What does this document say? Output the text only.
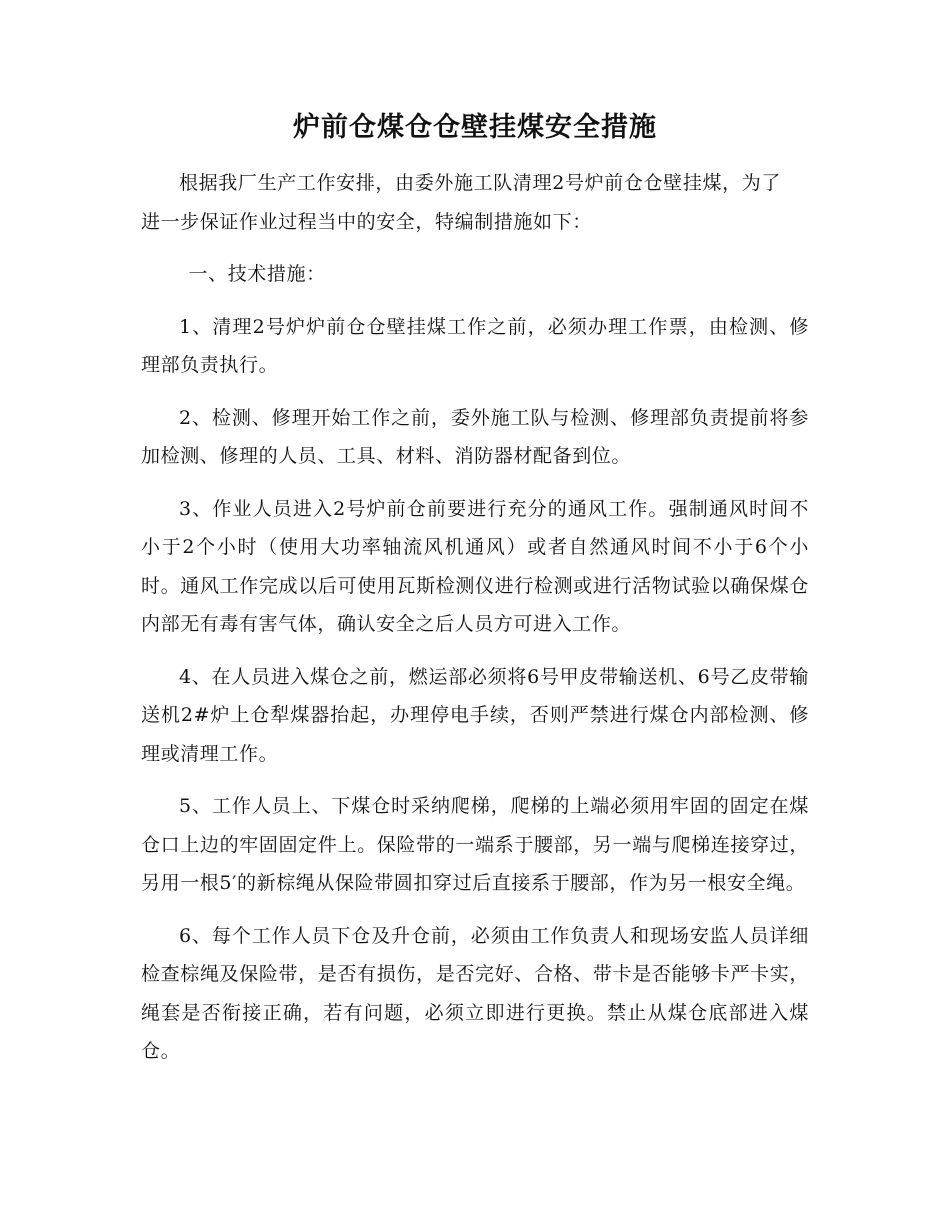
炉前仓煤仓仓壁挂煤安全措施

根据我厂生产工作安排，由委外施工队清理2号炉前仓仓壁挂煤，为了进一步保证作业过程当中的安全，特编制措施如下：

一、技术措施：

1、清理2号炉炉前仓仓壁挂煤工作之前，必须办理工作票，由检测、修理部负责执行。

2、检测、修理开始工作之前，委外施工队与检测、修理部负责提前将参加检测、修理的人员、工具、材料、消防器材配备到位。

3、作业人员进入2号炉前仓前要进行充分的通风工作。强制通风时间不小于2个小时（使用大功率轴流风机通风）或者自然通风时间不小于6个小时。通风工作完成以后可使用瓦斯检测仪进行检测或进行活物试验以确保煤仓内部无有毒有害气体，确认安全之后人员方可进入工作。

4、在人员进入煤仓之前，燃运部必须将6号甲皮带输送机、6号乙皮带输送机2#炉上仓犁煤器抬起，办理停电手续，否则严禁进行煤仓内部检测、修理或清理工作。

5、工作人员上、下煤仓时采纳爬梯，爬梯的上端必须用牢固的固定在煤仓口上边的牢固固定件上。保险带的一端系于腰部，另一端与爬梯连接穿过，另用一根5′的新棕绳从保险带圆扣穿过后直接系于腰部，作为另一根安全绳。

6、每个工作人员下仓及升仓前，必须由工作负责人和现场安监人员详细检查棕绳及保险带，是否有损伤，是否完好、合格、带卡是否能够卡严卡实，绳套是否衔接正确，若有问题，必须立即进行更换。禁止从煤仓底部进入煤仓。
